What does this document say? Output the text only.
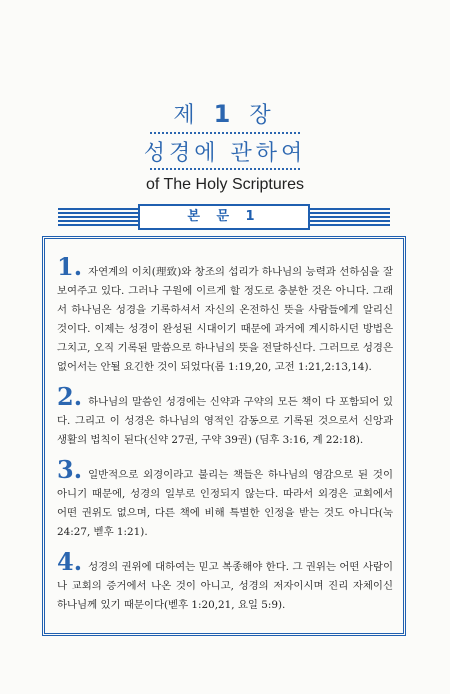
제 1 장
성경에 관하여
of The Holy Scriptures
본 문 1

1. 자연계의 이치(理致)와 창조의 섭리가 하나님의 능력과 선하심을 잘 보여주고 있다. 그러나 구원에 이르게 할 정도로 충분한 것은 아니다. 그래서 하나님은 성경을 기록하셔서 자신의 온전하신 뜻을 사람들에게 알리신 것이다. 이제는 성경이 완성된 시대이기 때문에 과거에 계시하시던 방법은 그치고, 오직 기록된 말씀으로 하나님의 뜻을 전달하신다. 그러므로 성경은 없어서는 안될 요긴한 것이 되었다(롬 1:19,20, 고전 1:21,2:13,14).

2. 하나님의 말씀인 성경에는 신약과 구약의 모든 책이 다 포함되어 있다. 그리고 이 성경은 하나님의 영적인 감동으로 기록된 것으로서 신앙과 생활의 법칙이 된다(신약 27권, 구약 39권) (딤후 3:16, 계 22:18).

3. 일반적으로 외경이라고 불리는 책들은 하나님의 영감으로 된 것이 아니기 때문에, 성경의 일부로 인정되지 않는다. 따라서 외경은 교회에서 어떤 권위도 없으며, 다른 책에 비해 특별한 인정을 받는 것도 아니다(눅 24:27, 벧후 1:21).

4. 성경의 권위에 대하여는 믿고 복종해야 한다. 그 권위는 어떤 사람이나 교회의 증거에서 나온 것이 아니고, 성경의 저자이시며 진리 자체이신 하나님께 있기 때문이다(벧후 1:20,21, 요일 5:9).
